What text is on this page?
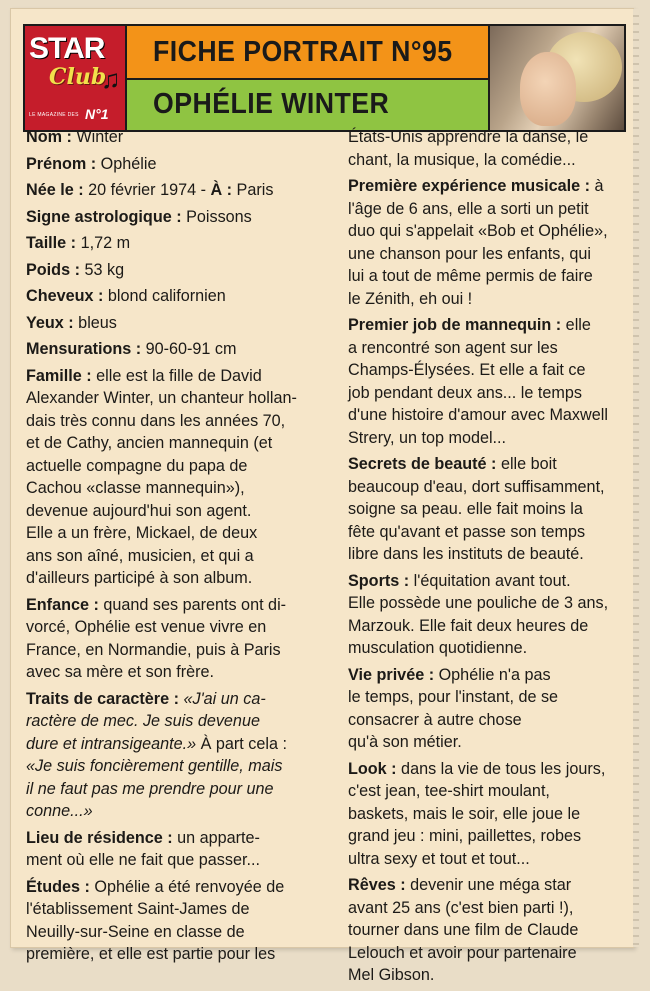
STAR
Club
♫
LE MAGAZINE DES N°1
FICHE PORTRAIT N°95
OPHÉLIE WINTER

Nom : Winter

Prénom : Ophélie

Née le : 20 février 1974 - À : Paris

Signe astrologique : Poissons

Taille : 1,72 m

Poids : 53 kg

Cheveux : blond californien

Yeux : bleus

Mensurations : 90-60-91 cm

Famille : elle est la fille de David
Alexander Winter, un chanteur hollan-
dais très connu dans les années 70,
et de Cathy, ancien mannequin (et
actuelle compagne du papa de
Cachou «classe mannequin»),
devenue aujourd'hui son agent.
Elle a un frère, Mickael, de deux
ans son aîné, musicien, et qui a
d'ailleurs participé à son album.

Enfance : quand ses parents ont di-
vorcé, Ophélie est venue vivre en
France, en Normandie, puis à Paris
avec sa mère et son frère.

Traits de caractère : «J'ai un ca-
ractère de mec. Je suis devenue
dure et intransigeante.» À part cela :
«Je suis foncièrement gentille, mais
il ne faut pas me prendre pour une
conne...»

Lieu de résidence : un apparte-
ment où elle ne fait que passer...

Études : Ophélie a été renvoyée de
l'établissement Saint-James de
Neuilly-sur-Seine en classe de
première, et elle est partie pour les

États-Unis apprendre la danse, le
chant, la musique, la comédie...

Première expérience musicale : à
l'âge de 6 ans, elle a sorti un petit
duo qui s'appelait «Bob et Ophélie»,
une chanson pour les enfants, qui
lui a tout de même permis de faire
le Zénith, eh oui !

Premier job de mannequin : elle
a rencontré son agent sur les
Champs-Élysées. Et elle a fait ce
job pendant deux ans... le temps
d'une histoire d'amour avec Maxwell
Strery, un top model...

Secrets de beauté : elle boit
beaucoup d'eau, dort suffisamment,
soigne sa peau. elle fait moins la
fête qu'avant et passe son temps
libre dans les instituts de beauté.

Sports : l'équitation avant tout.
Elle possède une pouliche de 3 ans,
Marzouk. Elle fait deux heures de
musculation quotidienne.

Vie privée : Ophélie n'a pas
le temps, pour l'instant, de se
consacrer à autre chose
qu'à son métier.

Look : dans la vie de tous les jours,
c'est jean, tee-shirt moulant,
baskets, mais le soir, elle joue le
grand jeu : mini, paillettes, robes
ultra sexy et tout et tout...

Rêves : devenir une méga star
avant 25 ans (c'est bien parti !),
tourner dans une film de Claude
Lelouch et avoir pour partenaire
Mel Gibson.
